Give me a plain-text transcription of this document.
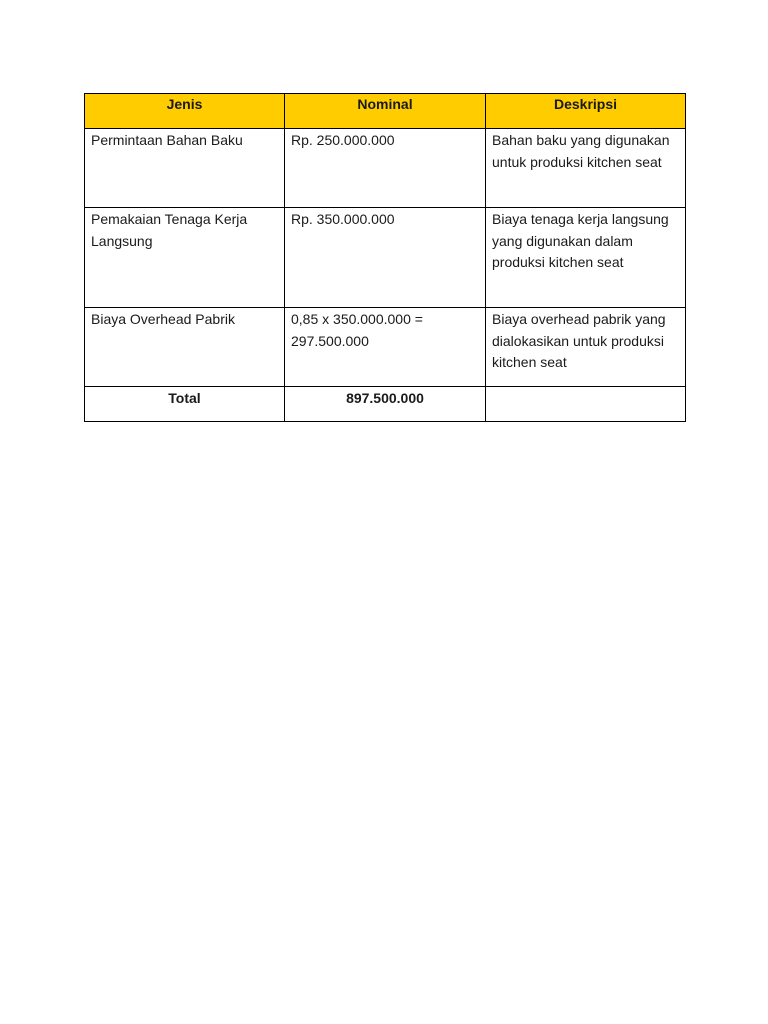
Jenis	Nominal	Deskripsi

Permintaan Bahan Baku	Rp. 250.000.000	Bahan baku yang digunakan untuk produksi kitchen seat
Pemakaian Tenaga Kerja Langsung	Rp. 350.000.000	Biaya tenaga kerja langsung yang digunakan dalam produksi kitchen seat
Biaya Overhead Pabrik	0,85 x 350.000.000 = 297.500.000	Biaya overhead pabrik yang dialokasikan untuk produksi kitchen seat
Total	897.500.000	
